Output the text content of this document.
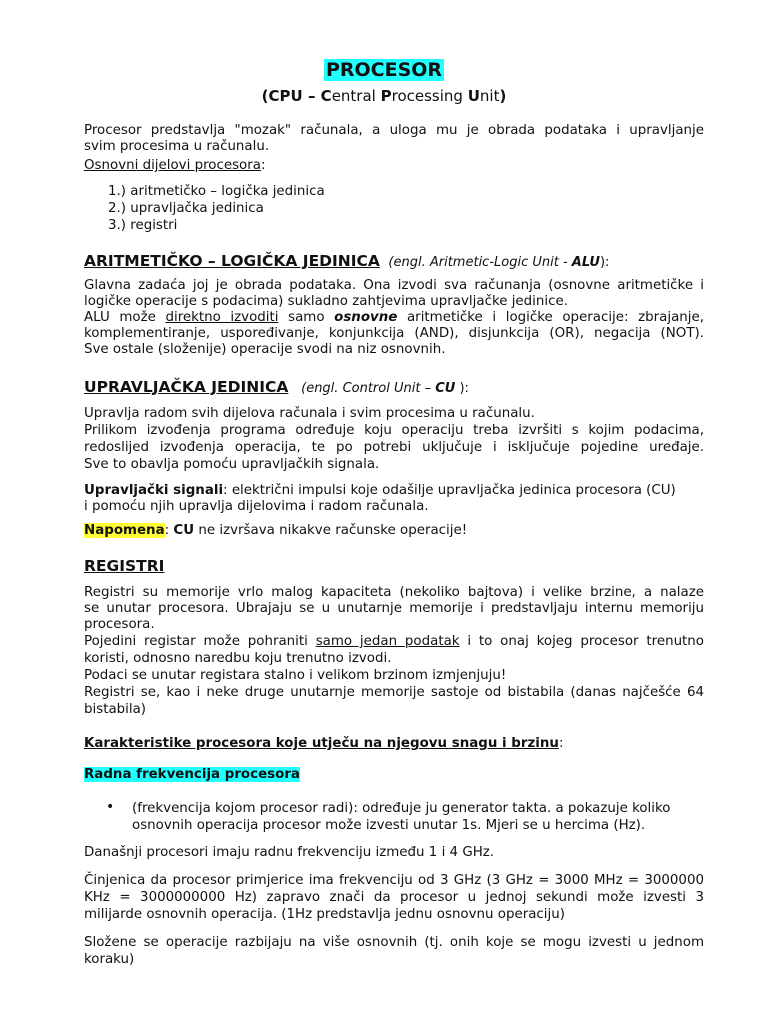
PROCESOR
(CPU – Central Processing Unit)
Procesor predstavlja "mozak" računala, a uloga mu je obrada podataka i upravljanje
svim procesima u računalu.
Osnovni dijelovi procesora:
1.) aritmetičko – logička jedinica
2.) upravljačka jedinica
3.) registri
ARITMETIČKO – LOGIČKA JEDINICA (engl. Aritmetic-Logic Unit - ALU):
Glavna zadaća joj je obrada podataka. Ona izvodi sva računanja (osnovne aritmetičke i
logičke operacije s podacima) sukladno zahtjevima upravljačke jedinice.
ALU može direktno izvoditi samo osnovne aritmetičke i logičke operacije: zbrajanje,
komplementiranje, uspoređivanje, konjunkcija (AND), disjunkcija (OR), negacija (NOT).
Sve ostale (složenije) operacije svodi na niz osnovnih.
UPRAVLJAČKA JEDINICA (engl. Control Unit – CU ):
Upravlja radom svih dijelova računala i svim procesima u računalu.
Prilikom izvođenja programa određuje koju operaciju treba izvršiti s kojim podacima,
redoslijed izvođenja operacija, te po potrebi uključuje i isključuje pojedine uređaje.
Sve to obavlja pomoću upravljačkih signala.
Upravljački signali: električni impulsi koje odašilje upravljačka jedinica procesora (CU)
i pomoću njih upravlja dijelovima i radom računala.
Napomena: CU ne izvršava nikakve računske operacije!
REGISTRI
Registri su memorije vrlo malog kapaciteta (nekoliko bajtova) i velike brzine, a nalaze
se unutar procesora. Ubrajaju se u unutarnje memorije i predstavljaju internu memoriju
procesora.
Pojedini registar može pohraniti samo jedan podatak i to onaj kojeg procesor trenutno
koristi, odnosno naredbu koju trenutno izvodi.
Podaci se unutar registara stalno i velikom brzinom izmjenjuju!
Registri se, kao i neke druge unutarnje memorije sastoje od bistabila (danas najčešće 64
bistabila)
Karakteristike procesora koje utječu na njegovu snagu i brzinu:
Radna frekvencija procesora
• (frekvencija kojom procesor radi): određuje ju generator takta. a pokazuje koliko
osnovnih operacija procesor može izvesti unutar 1s. Mjeri se u hercima (Hz).
Današnji procesori imaju radnu frekvenciju između 1 i 4 GHz.
Činjenica da procesor primjerice ima frekvenciju od 3 GHz (3 GHz = 3000 MHz = 3000000
KHz = 3000000000 Hz) zapravo znači da procesor u jednoj sekundi može izvesti 3
milijarde osnovnih operacija. (1Hz predstavlja jednu osnovnu operaciju)
Složene se operacije razbijaju na više osnovnih (tj. onih koje se mogu izvesti u jednom
koraku)
